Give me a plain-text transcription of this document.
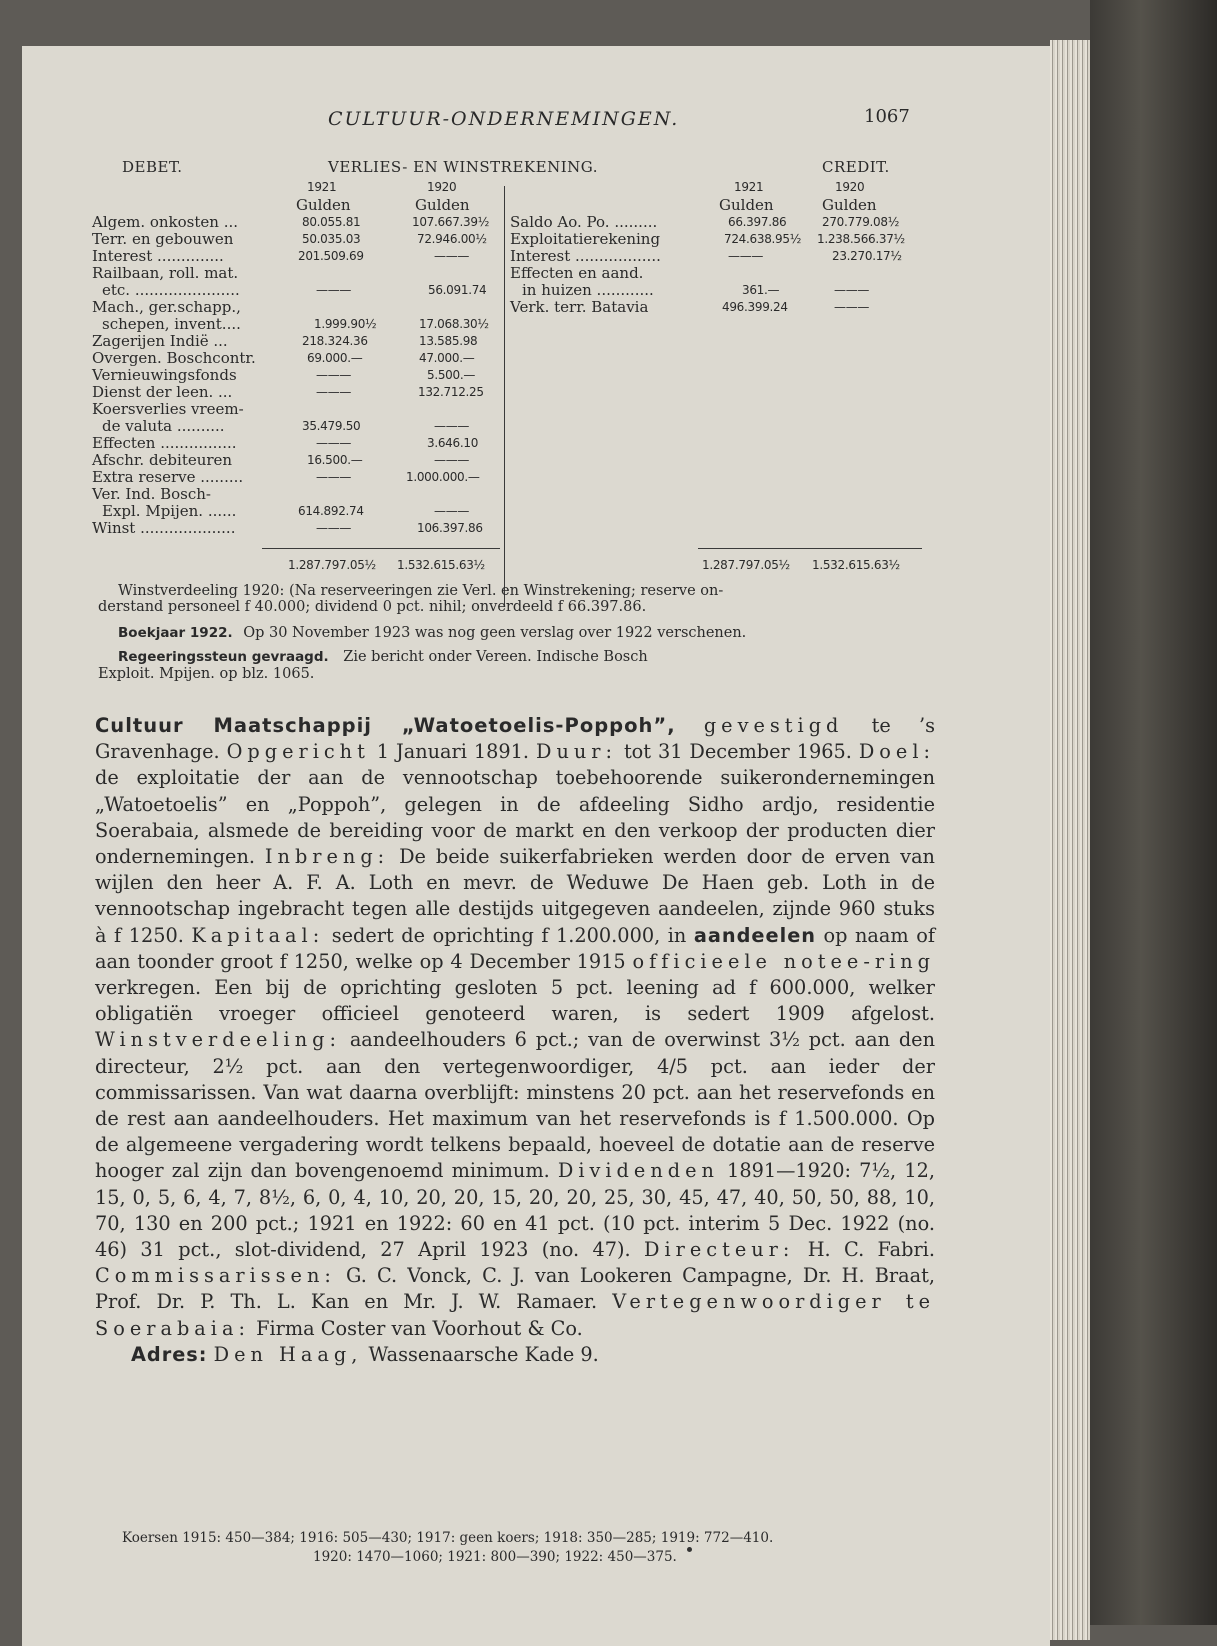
CULTUUR-ONDERNEMINGEN.	1067
DEBET.	VERLIES- EN WINSTREKENING.	CREDIT.
1921	1920	1921	1920
Gulden	Gulden	Gulden	Gulden
Algem. onkosten ...	80.055.81	107.667.39½
Terr. en gebouwen	50.035.03	72.946.00½
Interest ..............	201.509.69	———
Railbaan, roll. mat.
etc. ......................	———	56.091.74
Mach., ger.schapp.,
schepen, invent....	1.999.90½	17.068.30½
Zagerijen Indië ...	218.324.36	13.585.98
Overgen. Boschcontr.	69.000.—	47.000.—
Vernieuwingsfonds	———	5.500.—
Dienst der leen. ...	———	132.712.25
Koersverlies vreem-
de valuta ..........	35.479.50	———
Effecten ................	———	3.646.10
Afschr. debiteuren	16.500.—	———
Extra reserve .........	———	1.000.000.—
Ver. Ind. Bosch-
Expl. Mpijen. ......	614.892.74	———
Winst ....................	———	106.397.86
Saldo Ao. Po. .........	66.397.86	270.779.08½
Exploitatierekening	724.638.95½ 1.238.566.37½
Interest ..................	———	23.270.17½
Effecten en aand.
in huizen ............	361.—	———
Verk. terr. Batavia	496.399.24	———
1.287.797.05½ 1.532.615.63½	1.287.797.05½ 1.532.615.63½
Winstverdeeling 1920: (Na reserveeringen zie Verl. en Winstrekening; reserve on-
derstand personeel f 40.000; dividend 0 pct. nihil; onverdeeld f 66.397.86.
Boekjaar 1922. Op 30 November 1923 was nog geen verslag over 1922 verschenen.
Regeeringssteun gevraagd. Zie bericht onder Vereen. Indische Bosch
Exploit. Mpijen. op blz. 1065.
Cultuur Maatschappij „Watoetoelis-Poppoh”, gevestigd te ’s Gravenhage. Opgericht 1 Januari 1891. Duur: tot 31 December 1965. Doel: de exploitatie der aan de vennootschap toebehoorende suikerondernemingen „Watoetoelis” en „Poppoh”, gelegen in de afdeeling Sidho ardjo, residentie Soerabaia, alsmede de bereiding voor de markt en den verkoop der producten dier ondernemingen. Inbreng: De beide suikerfabrieken werden door de erven van wijlen den heer A. F. A. Loth en mevr. de Weduwe De Haen geb. Loth in de vennootschap ingebracht tegen alle destijds uitgegeven aandeelen, zijnde 960 stuks à f 1250. Kapitaal: sedert de oprichting f 1.200.000, in aandeelen op naam of aan toonder groot f 1250, welke op 4 December 1915 officieele notee-ring verkregen. Een bij de oprichting gesloten 5 pct. leening ad f 600.000, welker obligatiën vroeger officieel genoteerd waren, is sedert 1909 afgelost. Winstverdeeling: aandeelhouders 6 pct.; van de overwinst 3½ pct. aan den directeur, 2½ pct. aan den vertegenwoordiger, 4/5 pct. aan ieder der commissarissen. Van wat daarna overblijft: minstens 20 pct. aan het reservefonds en de rest aan aandeelhouders. Het maximum van het reservefonds is f 1.500.000. Op de algemeene vergadering wordt telkens bepaald, hoeveel de dotatie aan de reserve hooger zal zijn dan bovengenoemd minimum. Dividenden 1891—1920: 7½, 12, 15, 0, 5, 6, 4, 7, 8½, 6, 0, 4, 10, 20, 20, 15, 20, 20, 25, 30, 45, 47, 40, 50, 50, 88, 10, 70, 130 en 200 pct.; 1921 en 1922: 60 en 41 pct. (10 pct. interim 5 Dec. 1922 (no. 46) 31 pct., slot-dividend, 27 April 1923 (no. 47). Directeur: H. C. Fabri. Commissarissen: G. C. Vonck, C. J. van Lookeren Campagne, Dr. H. Braat, Prof. Dr. P. Th. L. Kan en Mr. J. W. Ramaer. Vertegenwoordiger te Soerabaia: Firma Coster van Voorhout & Co.
Adres: Den Haag, Wassenaarsche Kade 9.
Koersen 1915: 450—384; 1916: 505—430; 1917: geen koers; 1918: 350—285; 1919: 772—410.
1920: 1470—1060; 1921: 800—390; 1922: 450—375.
